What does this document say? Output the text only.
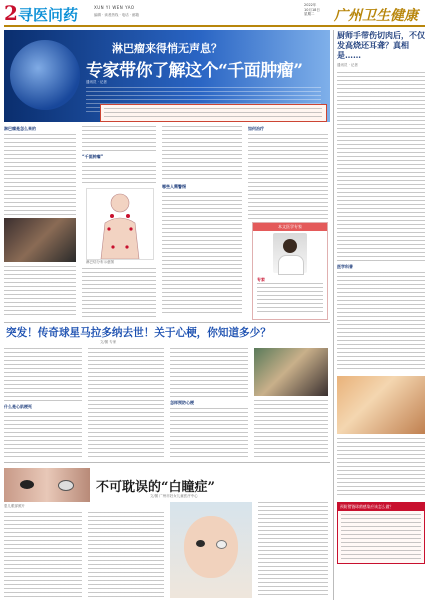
2 寻医问药	XUN YI WEN YAO
编辑 · 读者热线 · 电话 · 邮箱
2022年
10月18日
星期二	广州卫生健康
淋巴瘤来得悄无声息？
专家带你了解这个“千面肿瘤”
通讯员 · 记者
淋巴瘤是怎么来的
“千面肿瘤”
淋巴结分布示意图
哪些人需警惕
如何治疗
本文医学专家
专家
厨师手带伤切肉后，不仅发高烧还耳聋？真相是……
通讯员 · 记者
医学科普
预防猪链球菌感染应该怎么做？
突发！传奇球星马拉多纳去世！关于心梗，你知道多少？
文/图 专家
什么是心肌梗死
怎样预防心梗
患儿眼部照片
不可耽误的“白瞳症”
文/图 广州市妇女儿童医疗中心
